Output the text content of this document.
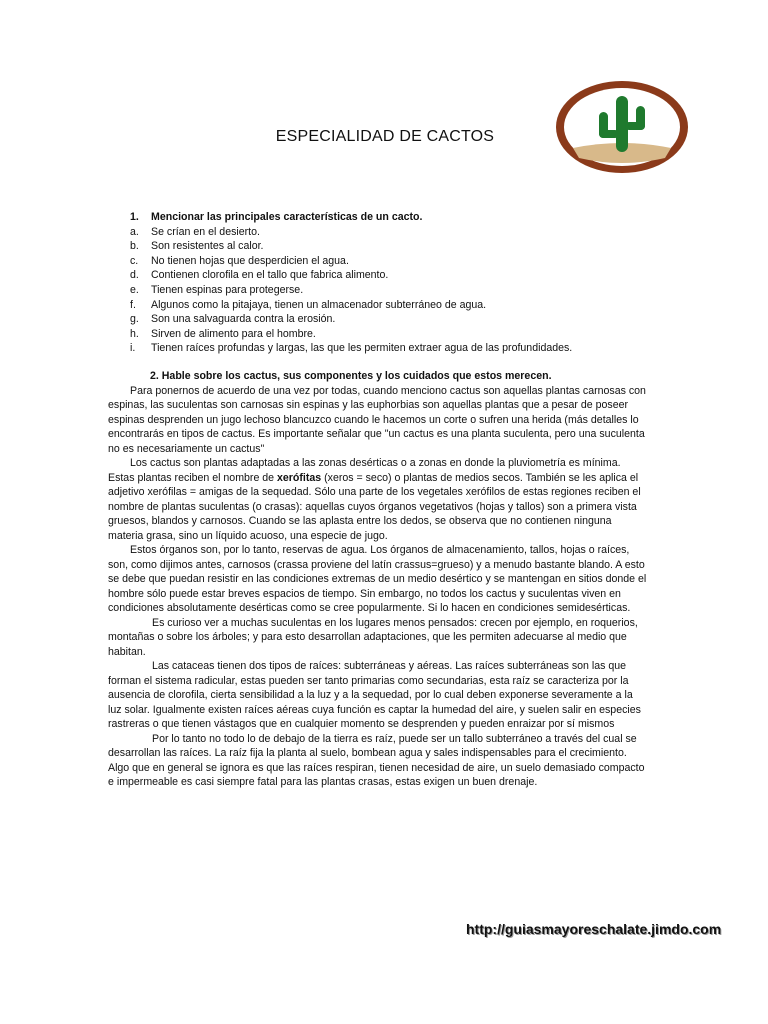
ESPECIALIDAD DE CACTOS
1.	Mencionar las principales características de un cacto.
a.	Se crían en el desierto.
b.	Son resistentes al calor.
c.	No tienen hojas que desperdicien el agua.
d.	Contienen clorofila en el tallo que fabrica alimento.
e.	Tienen espinas para protegerse.
f.	Algunos como la pitajaya, tienen un almacenador subterráneo de agua.
g.	Son una salvaguarda contra la erosión.
h.	Sirven de alimento para el hombre.
i.	Tienen raíces profundas y largas, las que les permiten extraer agua de las profundidades.
2. Hable sobre los cactus, sus componentes y los cuidados que estos merecen.

Para ponernos de acuerdo de una vez por todas, cuando menciono cactus son aquellas plantas carnosas con espinas, las suculentas son carnosas sin espinas y las euphorbias son aquellas plantas que a pesar de poseer espinas desprenden un jugo lechoso blancuzco cuando le hacemos un corte o sufren una herida (más detalles lo encontrarás en tipos de cactus. Es importante señalar que "un cactus es una planta suculenta, pero una suculenta no es necesariamente un cactus"

Los cactus son plantas adaptadas a las zonas desérticas o a zonas en donde la pluviometría es mínima. Estas plantas reciben el nombre de xerófitas (xeros = seco) o plantas de medios secos. También se les aplica el adjetivo xerófilas = amigas de la sequedad. Sólo una parte de los vegetales xerófilos de estas regiones reciben el nombre de plantas suculentas (o crasas): aquellas cuyos órganos vegetativos (hojas y tallos) son a primera vista gruesos, blandos y carnosos. Cuando se las aplasta entre los dedos, se observa que no contienen ninguna materia grasa, sino un líquido acuoso, una especie de jugo.

Estos órganos son, por lo tanto, reservas de agua. Los órganos de almacenamiento, tallos, hojas o raíces, son, como dijimos antes, carnosos (crassa proviene del latín crassus=grueso) y a menudo bastante blando. A esto se debe que puedan resistir en las condiciones extremas de un medio desértico y se mantengan en sitios donde el hombre sólo puede estar breves espacios de tiempo. Sin embargo, no todos los cactus y suculentas viven en condiciones absolutamente desérticas como se cree popularmente. Si lo hacen en condiciones semidesérticas.

Es curioso ver a muchas suculentas en los lugares menos pensados: crecen por ejemplo, en roquerios, montañas o sobre los árboles; y para esto desarrollan adaptaciones, que les permiten adecuarse al medio que habitan.

Las cataceas tienen dos tipos de raíces: subterráneas y aéreas. Las raíces subterráneas son las que forman el sistema radicular, estas pueden ser tanto primarias como secundarias, esta raíz se caracteriza por la ausencia de clorofila, cierta sensibilidad a la luz y a la sequedad, por lo cual deben exponerse severamente a la luz solar. Igualmente existen raíces aéreas cuya función es captar la humedad del aire, y suelen salir en especies rastreras o que tienen vástagos que en cualquier momento se desprenden y pueden enraizar por sí mismos

Por lo tanto no todo lo de debajo de la tierra es raíz, puede ser un tallo subterráneo a través del cual se desarrollan las raíces. La raíz fija la planta al suelo, bombean agua y sales indispensables para el crecimiento. Algo que en general se ignora es que las raíces respiran, tienen necesidad de aire, un suelo demasiado compacto e impermeable es casi siempre fatal para las plantas crasas, estas exigen un buen drenaje.

http://guiasmayoreschalate.jimdo.com
